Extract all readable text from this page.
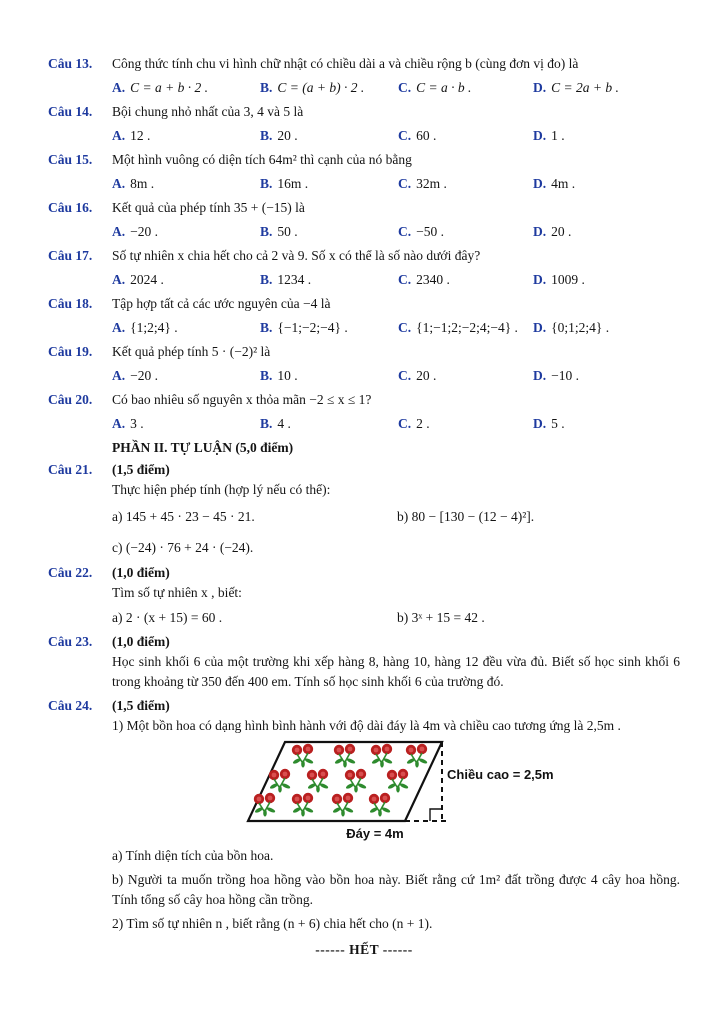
Câu 13.	Công thức tính chu vi hình chữ nhật có chiều dài a và chiều rộng b (cùng đơn vị đo) là
A. C = a + b · 2 .	B. C = (a + b) · 2 .	C. C = a · b .	D. C = 2a + b .
Câu 14.	Bội chung nhỏ nhất của 3, 4 và 5 là
A. 12 .	B. 20 .	C. 60 .	D. 1 .
Câu 15.	Một hình vuông có diện tích 64m² thì cạnh của nó bằng
A. 8m .	B. 16m .	C. 32m .	D. 4m .
Câu 16.	Kết quả của phép tính 35 + (−15) là
A. −20 .	B. 50 .	C. −50 .	D. 20 .
Câu 17.	Số tự nhiên x chia hết cho cả 2 và 9. Số x có thể là số nào dưới đây?
A. 2024 .	B. 1234 .	C. 2340 .	D. 1009 .
Câu 18.	Tập hợp tất cả các ước nguyên của −4 là
A. {1;2;4} .	B. {−1;−2;−4} .	C. {1;−1;2;−2;4;−4} .	D. {0;1;2;4} .
Câu 19.	Kết quả phép tính 5 · (−2)² là
A. −20 .	B. 10 .	C. 20 .	D. −10 .
Câu 20.	Có bao nhiêu số nguyên x thỏa mãn −2 ≤ x ≤ 1?
A. 3 .	B. 4 .	C. 2 .	D. 5 .
PHẦN II. TỰ LUẬN (5,0 điểm)
Câu 21.	(1,5 điểm)
Thực hiện phép tính (hợp lý nếu có thể):
a) 145 + 45 · 23 − 45 · 21.	b) 80 − [130 − (12 − 4)²].
c) (−24) · 76 + 24 · (−24).
Câu 22.	(1,0 điểm)
Tìm số tự nhiên x , biết:
a) 2 · (x + 15) = 60 .	b) 3ˣ + 15 = 42 .
Câu 23.	(1,0 điểm)
Học sinh khối 6 của một trường khi xếp hàng 8, hàng 10, hàng 12 đều vừa đủ. Biết số học sinh khối 6 trong khoảng từ 350 đến 400 em. Tính số học sinh khối 6 của trường đó.
Câu 24.	(1,5 điểm)
1) Một bồn hoa có dạng hình bình hành với độ dài đáy là 4m và chiều cao tương ứng là 2,5m .
Chiều cao = 2,5m
Đáy = 4m
a) Tính diện tích của bồn hoa.
b) Người ta muốn trồng hoa hồng vào bồn hoa này. Biết rằng cứ 1m² đất trồng được 4 cây hoa hồng. Tính tổng số cây hoa hồng cần trồng.
2) Tìm số tự nhiên n , biết rằng (n + 6) chia hết cho (n + 1).
------ HẾT ------
